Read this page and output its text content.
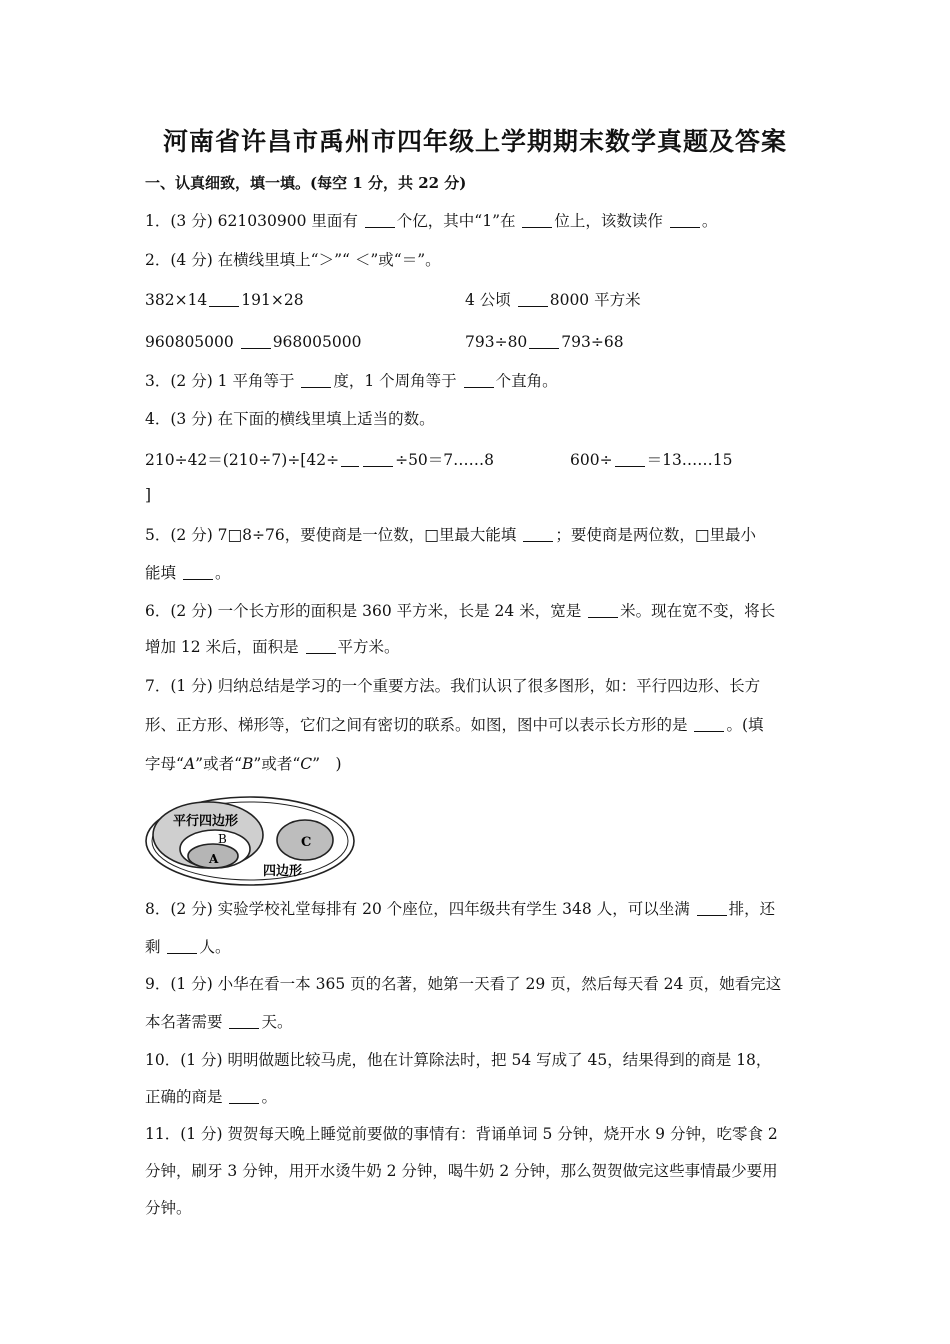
河南省许昌市禹州市四年级上学期期末数学真题及答案
一、认真细致，填一填。(每空 1 分，共 22 分)
1．(3 分) 621030900 里面有 个亿，其中“1”在 位上，该数读作 。
2．(4 分) 在横线里填上“＞”“ ＜”或“＝”。
382×14 191×28	4 公顷 8000 平方米
960805000 968005000	793÷80 793÷68
3．(2 分) 1 平角等于 度，1 个周角等于 个直角。
4．(3 分) 在下面的横线里填上适当的数。
210÷42＝(210÷7)÷[42÷	÷50＝7……8	600÷ ＝13……15
]
5．(2 分) 7□8÷76，要使商是一位数，□里最大能填 ；要使商是两位数，□里最小
能填 。
6．(2 分) 一个长方形的面积是 360 平方米，长是 24 米，宽是 米。现在宽不变，将长
增加 12 米后，面积是 平方米。
7．(1 分) 归纳总结是学习的一个重要方法。我们认识了很多图形，如：平行四边形、长方
形、正方形、梯形等，它们之间有密切的联系。如图，图中可以表示长方形的是 。(填
字母“A”或者“B”或者“C”　)
平行四边形
B
A
C
四边形
8．(2 分) 实验学校礼堂每排有 20 个座位，四年级共有学生 348 人，可以坐满 排，还
剩 人。
9．(1 分) 小华在看一本 365 页的名著，她第一天看了 29 页，然后每天看 24 页，她看完这
本名著需要 天。
10．(1 分) 明明做题比较马虎，他在计算除法时，把 54 写成了 45，结果得到的商是 18，
正确的商是 。
11．(1 分) 贺贺每天晚上睡觉前要做的事情有：背诵单词 5 分钟，烧开水 9 分钟，吃零食 2
分钟，刷牙 3 分钟，用开水烫牛奶 2 分钟，喝牛奶 2 分钟，那么贺贺做完这些事情最少要用
分钟。
